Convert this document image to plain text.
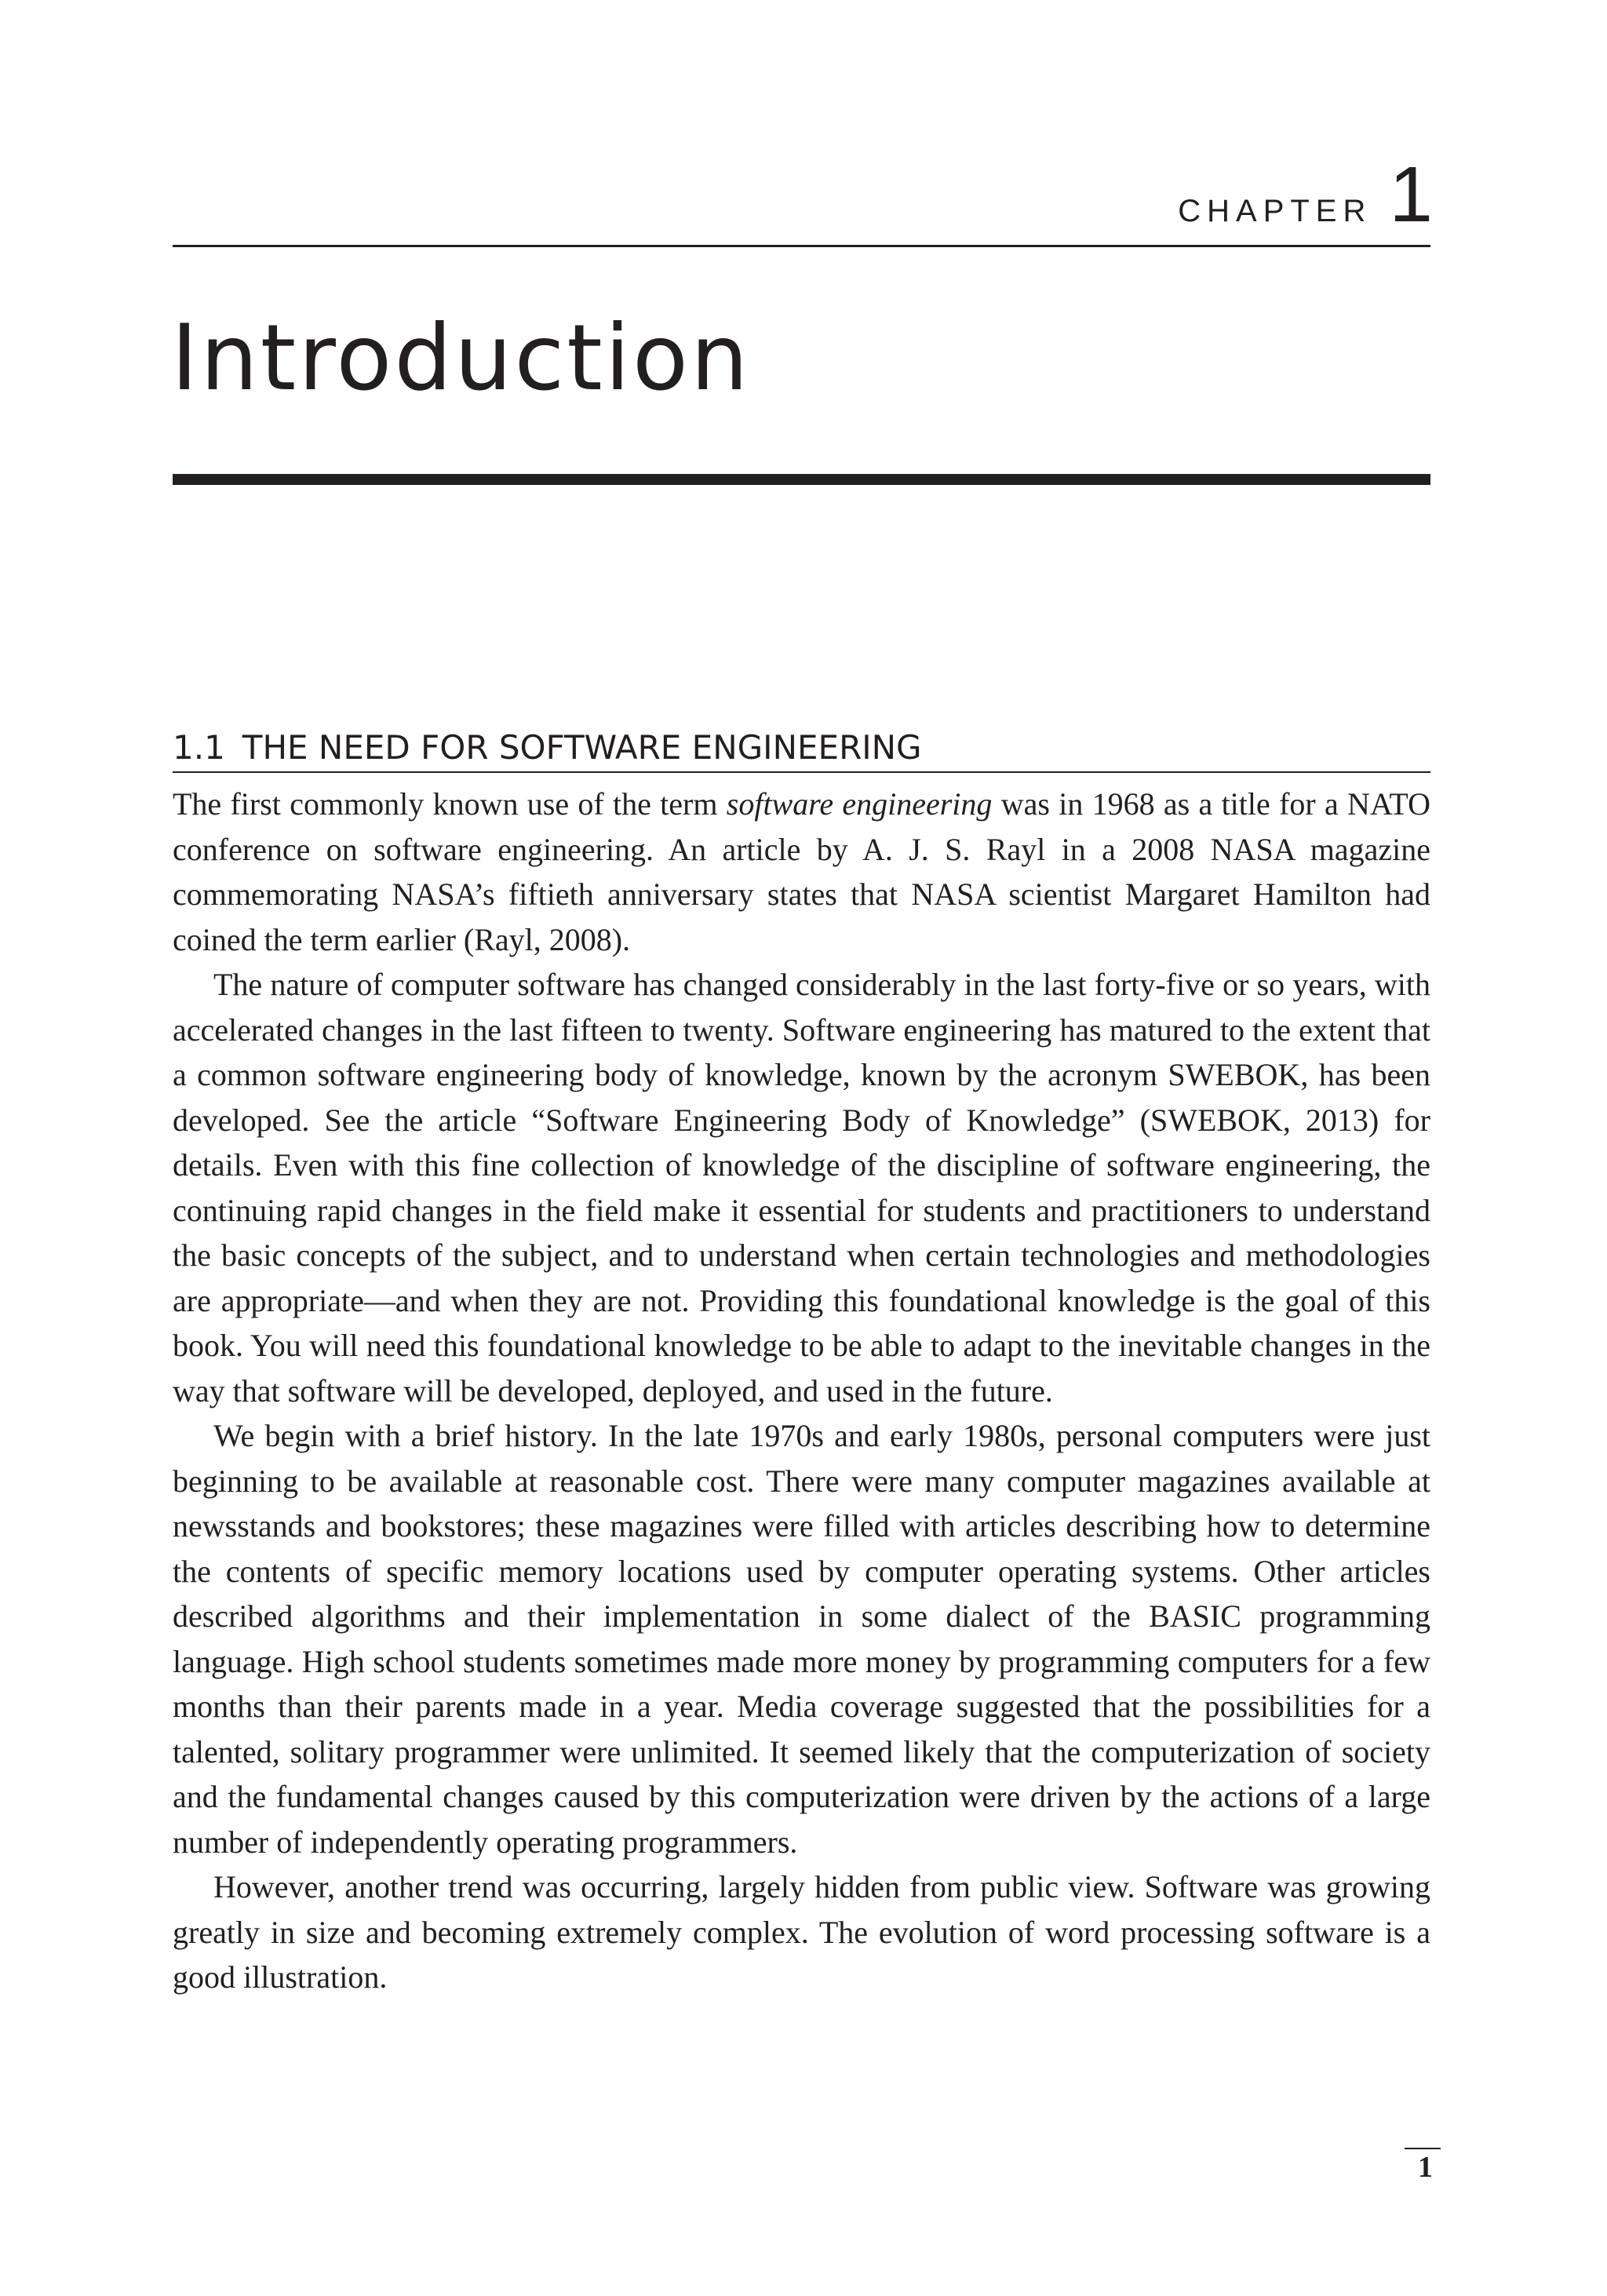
CHAPTER 1
Introduction
1.1 THE NEED FOR SOFTWARE ENGINEERING

The first commonly known use of the term software engineering was in 1968 as a title for a NATO conference on software engineering. An article by A. J. S. Rayl in a 2008 NASA magazine commemorating NASA’s fiftieth anniversary states that NASA scientist Margaret Hamilton had coined the term earlier (Rayl, 2008).

The nature of computer software has changed considerably in the last forty-five or so years, with accelerated changes in the last fifteen to twenty. Software engineering has matured to the extent that a common software engineering body of knowledge, known by the acronym SWEBOK, has been developed. See the article “Software Engineering Body of Knowledge” (SWEBOK, 2013) for details. Even with this fine collection of knowledge of the discipline of software engineering, the continuing rapid changes in the field make it essential for students and practitioners to understand the basic concepts of the subject, and to understand when certain technologies and methodologies are appropriate—and when they are not. Providing this foundational knowledge is the goal of this book. You will need this foundational knowledge to be able to adapt to the inevitable changes in the way that software will be developed, deployed, and used in the future.

We begin with a brief history. In the late 1970s and early 1980s, personal computers were just beginning to be available at reasonable cost. There were many computer magazines available at newsstands and bookstores; these magazines were filled with articles describing how to determine the contents of specific memory locations used by computer operating systems. Other articles described algorithms and their implementation in some dialect of the BASIC programming language. High school students sometimes made more money by programming computers for a few months than their parents made in a year. Media coverage suggested that the possibilities for a talented, solitary programmer were unlimited. It seemed likely that the computerization of society and the fundamental changes caused by this computerization were driven by the actions of a large number of independently operating programmers.

However, another trend was occurring, largely hidden from public view. Software was growing greatly in size and becoming extremely complex. The evolution of word processing software is a good illustration.

1
